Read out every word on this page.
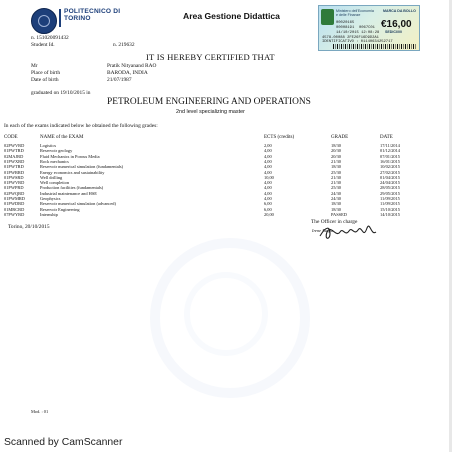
POLITECNICO DI TORINO	Area Gestione Didattica	Ministero dell'Economia e delle Finanze
MARCA DA BOLLO
€16,00
SEDICI/00
00020165
00008191 0067C01
14/10/2015 12:08:28
4578-00088 2FE26F16D9D2A1
IDENTIFICATIVO : 01140634252717
n. 151020091432
Student Id.	n. 219632
IT IS HEREBY CERTIFIED THAT
Mr	Pratik Nityanand RAO
Place of birth	BARODA, INDIA
Date of birth	21/07/1987
graduated on 19/10/2015 in
PETROLEUM ENGINEERING AND OPERATIONS
2nd level specializing master
In each of the exams indicated below he obtained the following grades:
CODE	NAME of the EXAM	ECTS (credits)	GRADE	DATE
02PWVRD	Logistics	2,00	18/30	17/11/2014
01PWTRD	Reservoir geology	4,00	20/30	01/12/2014
02MAJRD	Fluid Mechanics in Porous Media	4,00	20/30	07/01/2015
01PWXRD	Rock mechanics	4,00	21/30	16/01/2015
01PWTRD	Reservoir numerical simulation (fundamentals)	4,00	18/30	10/02/2015
01PWRRD	Energy economics and sustainability	4,00	25/30	27/02/2015
01PWSRD	Well drilling	10,00	21/30	01/04/2015
01PWVRD	Well completion	4,00	21/30	24/04/2015
01PWPRD	Production facilities (fundamentals)	4,00	25/30	28/05/2015
02PWQRD	Industrial maintenance and HSE	4,00	24/30	29/05/2015
01PWMRD	Geophysics	4,00	24/30	11/09/2015
01PWDRD	Reservoir numerical simulation (advanced)	6,00	18/30	11/09/2015
01MRCRD	Reservoir Engineering	6,00	18/30	15/10/2015
07PWYRD	Internship	20,00	PASSED	14/10/2015
Torino, 20/10/2015
The Officer in charge
Irene Ruspa
Mod. : 01
Scanned by CamScanner
